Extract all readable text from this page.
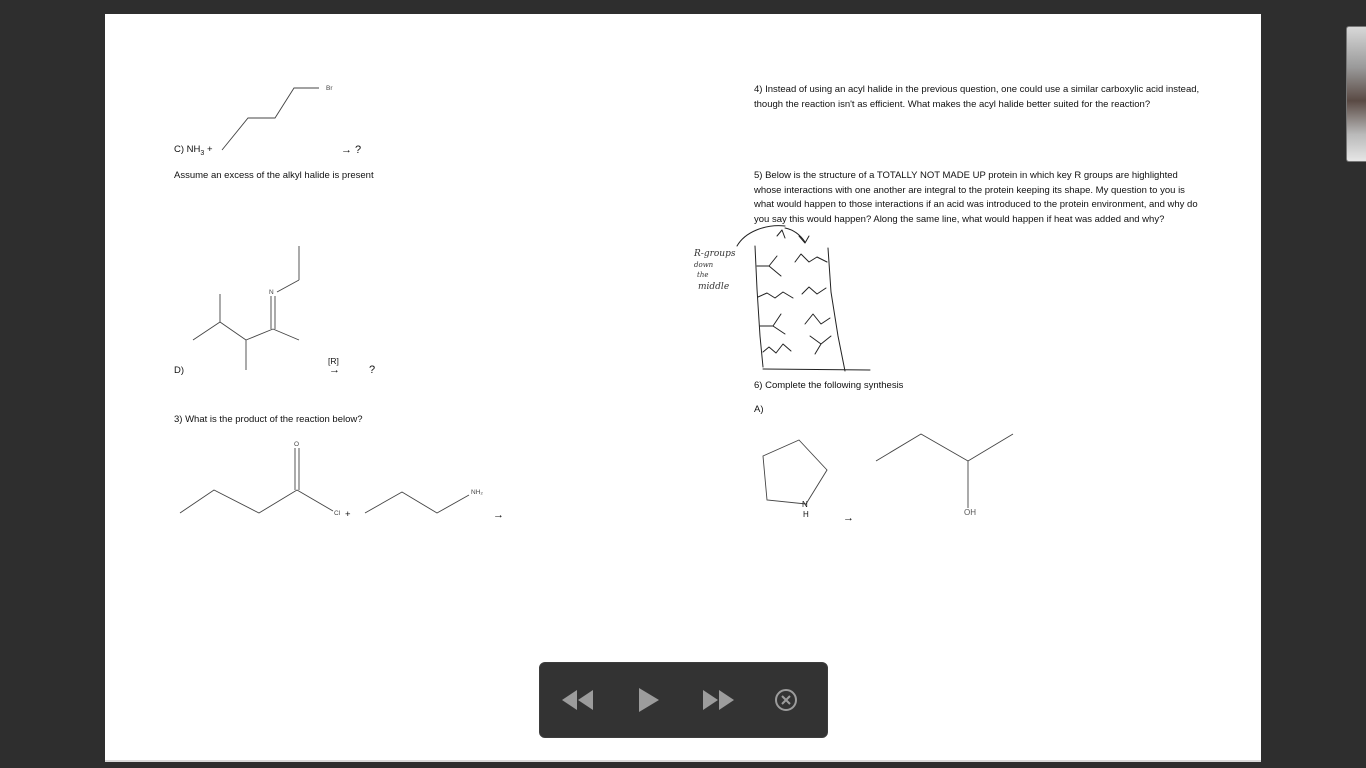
C) $NH_3$ +
Br
→ ?
Assume an excess of the alkyl halide is present
N
D)
[R]
→	?
3) What is the product of the reaction below?
O
Cl +
NH₂
→
4) Instead of using an acyl halide in the previous question, one could use a similar carboxylic acid instead, though the reaction isn't as efficient. What makes the acyl halide better suited for the reaction?
5) Below is the structure of a TOTALLY NOT MADE UP protein in which key R groups are highlighted whose interactions with one another are integral to the protein keeping its shape. My question to you is what would happen to those interactions if an acid was introduced to the protein environment, and why do you say this would happen? Along the same line, what would happen if heat was added and why?
R-groups
down
the
middle
6) Complete the following synthesis
A)
N
H	→	OH
